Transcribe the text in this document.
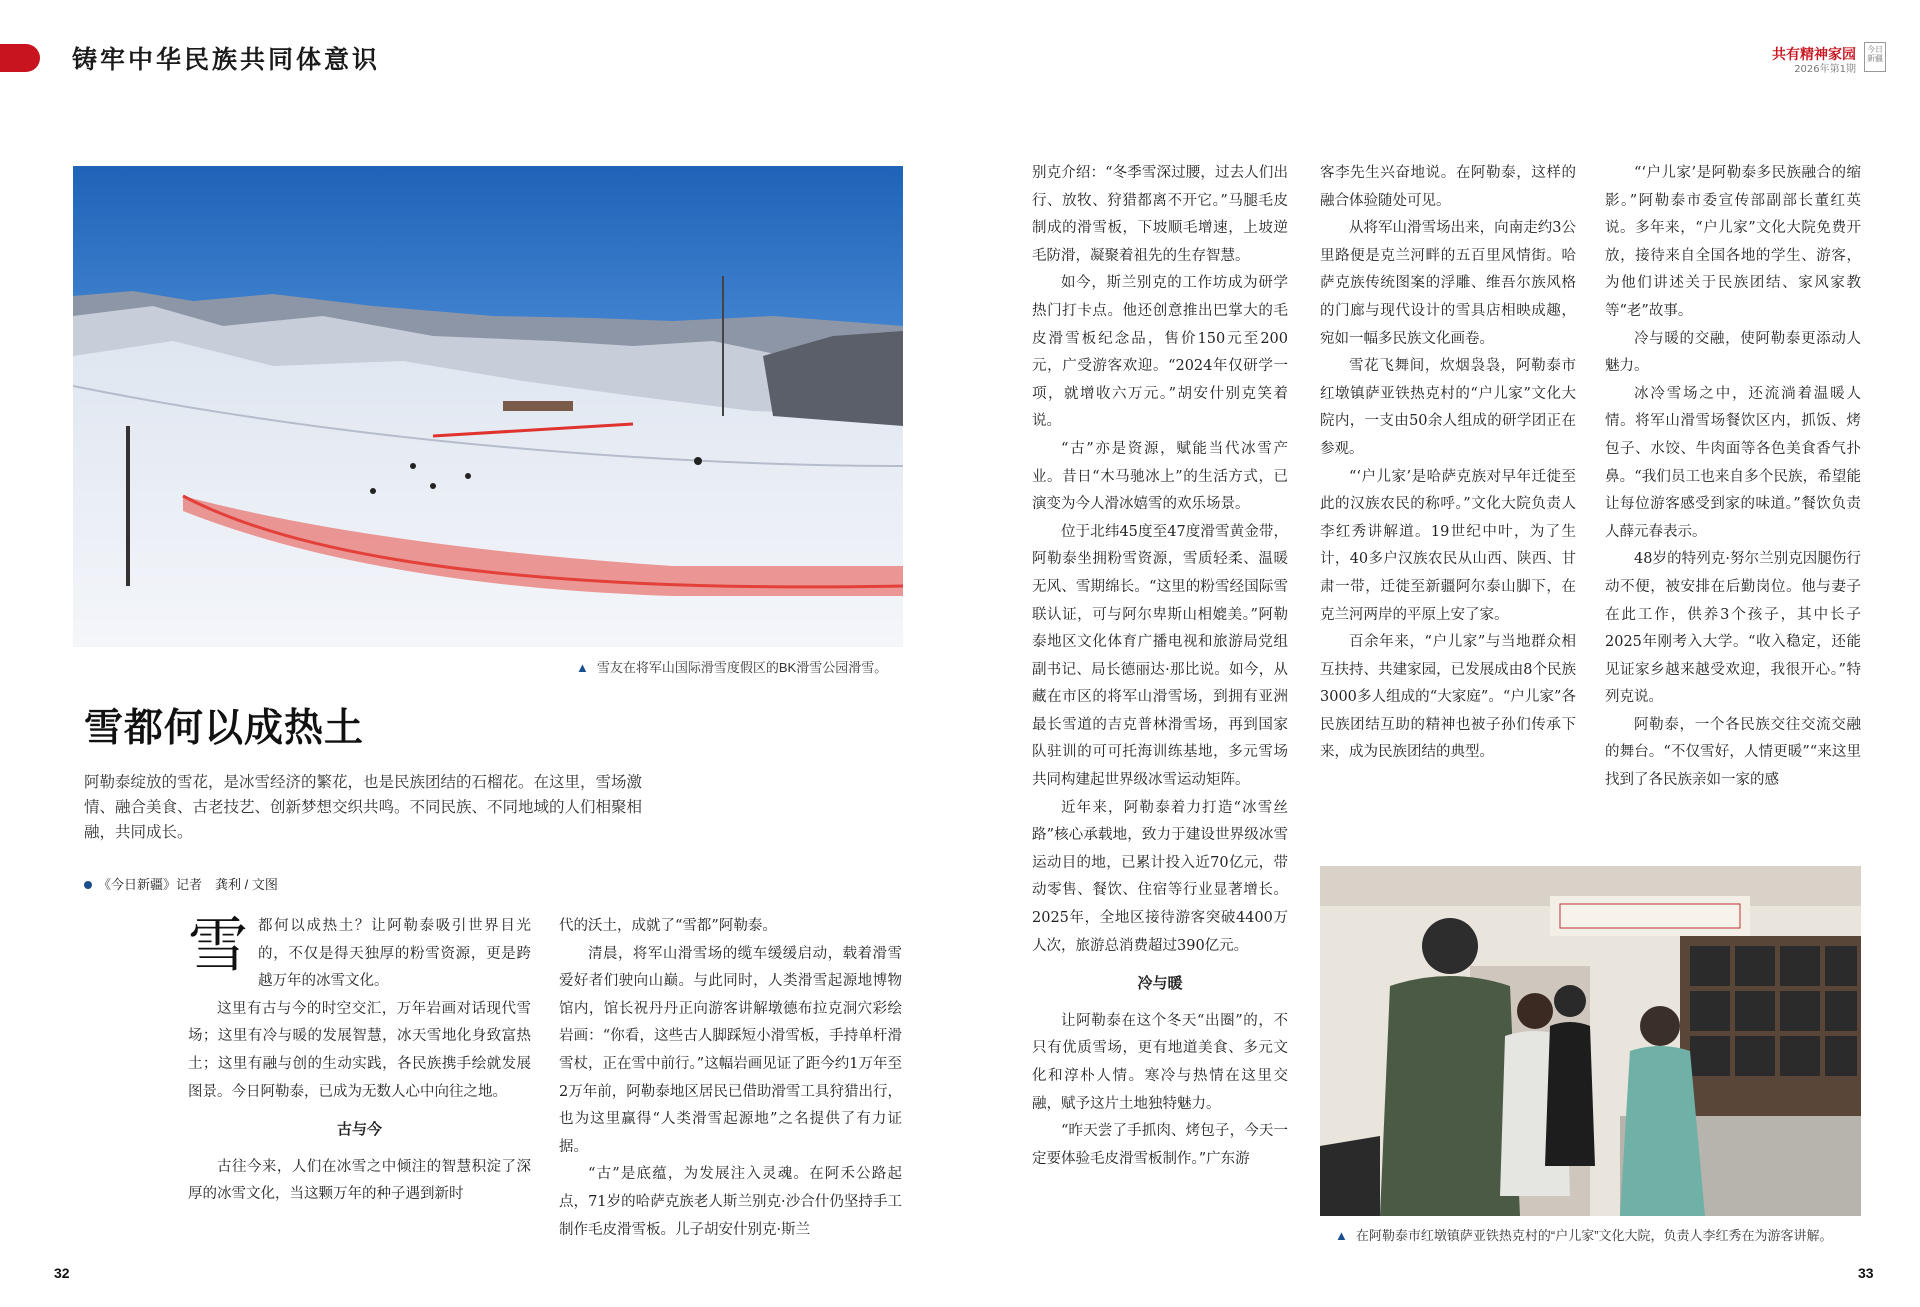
铸牢中华民族共同体意识	共有精神家园
2026年第1期
今日新疆
▲ 雪友在将军山国际滑雪度假区的BK滑雪公园滑雪。
雪都何以成热土
阿勒泰绽放的雪花，是冰雪经济的繁花，也是民族团结的石榴花。在这里，雪场激情、融合美食、古老技艺、创新梦想交织共鸣。不同民族、不同地域的人们相聚相融，共同成长。
《今日新疆》记者　龚利 / 文图
雪 都何以成热土？让阿勒泰吸引世界目光的，不仅是得天独厚的粉雪资源，更是跨越万年的冰雪文化。

这里有古与今的时空交汇，万年岩画对话现代雪场；这里有冷与暖的发展智慧，冰天雪地化身致富热土；这里有融与创的生动实践，各民族携手绘就发展图景。今日阿勒泰，已成为无数人心中向往之地。

古与今

古往今来，人们在冰雪之中倾注的智慧积淀了深厚的冰雪文化，当这颗万年的种子遇到新时

代的沃土，成就了“雪都”阿勒泰。

清晨，将军山滑雪场的缆车缓缓启动，载着滑雪爱好者们驶向山巅。与此同时，人类滑雪起源地博物馆内，馆长祝丹丹正向游客讲解墩德布拉克洞穴彩绘岩画：“你看，这些古人脚踩短小滑雪板，手持单杆滑雪杖，正在雪中前行。”这幅岩画见证了距今约1万年至2万年前，阿勒泰地区居民已借助滑雪工具狩猎出行，也为这里赢得“人类滑雪起源地”之名提供了有力证据。

“古”是底蕴，为发展注入灵魂。在阿禾公路起点，71岁的哈萨克族老人斯兰别克·沙合什仍坚持手工制作毛皮滑雪板。儿子胡安什别克·斯兰

别克介绍：“冬季雪深过腰，过去人们出行、放牧、狩猎都离不开它。”马腿毛皮制成的滑雪板，下坡顺毛增速，上坡逆毛防滑，凝聚着祖先的生存智慧。

如今，斯兰别克的工作坊成为研学热门打卡点。他还创意推出巴掌大的毛皮滑雪板纪念品，售价150元至200元，广受游客欢迎。“2024年仅研学一项，就增收六万元。”胡安什别克笑着说。

“古”亦是资源，赋能当代冰雪产业。昔日“木马驰冰上”的生活方式，已演变为今人滑冰嬉雪的欢乐场景。

位于北纬45度至47度滑雪黄金带，阿勒泰坐拥粉雪资源，雪质轻柔、温暖无风、雪期绵长。“这里的粉雪经国际雪联认证，可与阿尔卑斯山相媲美。”阿勒泰地区文化体育广播电视和旅游局党组副书记、局长德丽达·那比说。如今，从藏在市区的将军山滑雪场，到拥有亚洲最长雪道的吉克普林滑雪场，再到国家队驻训的可可托海训练基地，多元雪场共同构建起世界级冰雪运动矩阵。

近年来，阿勒泰着力打造“冰雪丝路”核心承载地，致力于建设世界级冰雪运动目的地，已累计投入近70亿元，带动零售、餐饮、住宿等行业显著增长。2025年，全地区接待游客突破4400万人次，旅游总消费超过390亿元。

冷与暖

让阿勒泰在这个冬天“出圈”的，不只有优质雪场，更有地道美食、多元文化和淳朴人情。寒冷与热情在这里交融，赋予这片土地独特魅力。

“昨天尝了手抓肉、烤包子，今天一定要体验毛皮滑雪板制作。”广东游

客李先生兴奋地说。在阿勒泰，这样的融合体验随处可见。

从将军山滑雪场出来，向南走约3公里路便是克兰河畔的五百里风情街。哈萨克族传统图案的浮雕、维吾尔族风格的门廊与现代设计的雪具店相映成趣，宛如一幅多民族文化画卷。

雪花飞舞间，炊烟袅袅，阿勒泰市红墩镇萨亚铁热克村的“户儿家”文化大院内，一支由50余人组成的研学团正在参观。

“‘户儿家’是哈萨克族对早年迁徙至此的汉族农民的称呼。”文化大院负责人李红秀讲解道。19世纪中叶，为了生计，40多户汉族农民从山西、陕西、甘肃一带，迁徙至新疆阿尔泰山脚下，在克兰河两岸的平原上安了家。

百余年来，“户儿家”与当地群众相互扶持、共建家园，已发展成由8个民族3000多人组成的“大家庭”。“户儿家”各民族团结互助的精神也被子孙们传承下来，成为民族团结的典型。

“‘户儿家’是阿勒泰多民族融合的缩影。”阿勒泰市委宣传部副部长董红英说。多年来，“户儿家”文化大院免费开放，接待来自全国各地的学生、游客，为他们讲述关于民族团结、家风家教等“老”故事。

冷与暖的交融，使阿勒泰更添动人魅力。

冰冷雪场之中，还流淌着温暖人情。将军山滑雪场餐饮区内，抓饭、烤包子、水饺、牛肉面等各色美食香气扑鼻。“我们员工也来自多个民族，希望能让每位游客感受到家的味道。”餐饮负责人薛元春表示。

48岁的特列克·努尔兰别克因腿伤行动不便，被安排在后勤岗位。他与妻子在此工作，供养3个孩子，其中长子2025年刚考入大学。“收入稳定，还能见证家乡越来越受欢迎，我很开心。”特列克说。

阿勒泰，一个各民族交往交流交融的舞台。“不仅雪好，人情更暖”“来这里找到了各民族亲如一家的感

▲ 在阿勒泰市红墩镇萨亚铁热克村的“户儿家”文化大院，负责人李红秀在为游客讲解。
32	33
